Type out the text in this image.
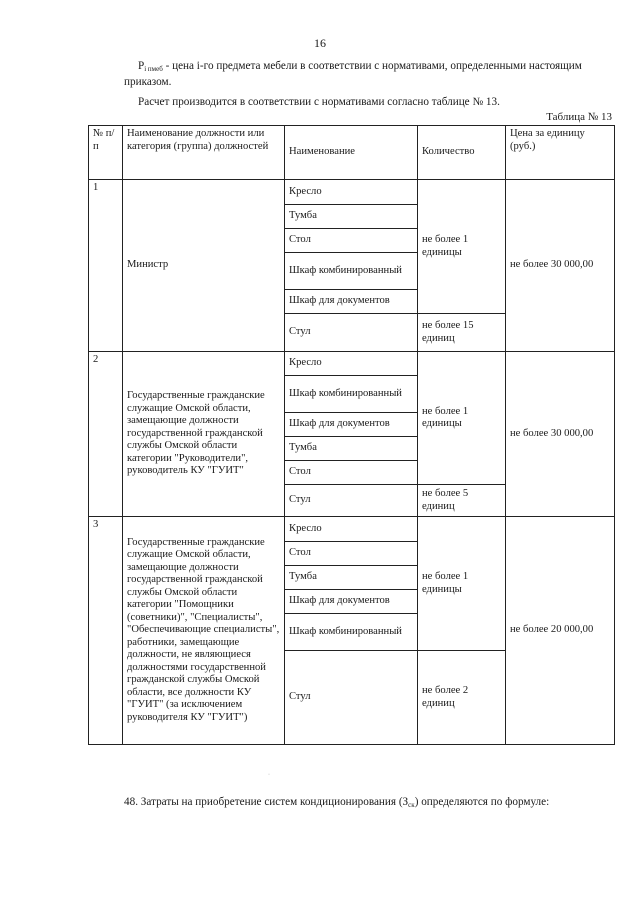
16
$P_{i пмеб}$ - цена i-го предмета мебели в соответствии с нормативами, определенными настоящим приказом.
Расчет производится в соответствии с нормативами согласно таблице № 13.
Таблица № 13
№ п/п	Наименование должности или категория (группа) должностей	Наименование	Количество	Цена за единицу (руб.)
1	Министр	Кресло	не более 1 единицы	не более 30 000,00
		Тумба		
		Стол		
		Шкаф комбинированный		
		Шкаф для документов		
		Стул	не более 15 единиц	
2	Государственные гражданские служащие Омской области, замещающие должности государственной гражданской службы Омской области категории "Руководители", руководитель КУ "ГУИТ"	Кресло	не более 1 единицы	не более 30 000,00
		Шкаф комбинированный		
		Шкаф для документов		
		Тумба		
		Стол		
		Стул	не более 5 единиц	
3	Государственные гражданские служащие Омской области, замещающие должности государственной гражданской службы Омской области категории "Помощники (советники)", "Специалисты", "Обеспечивающие специалисты", работники, замещающие должности, не являющиеся должностями государственной гражданской службы Омской области, все должности КУ "ГУИТ" (за исключением руководителя КУ "ГУИТ")	Кресло	не более 1 единицы	не более 20 000,00
		Стол		
		Тумба		
		Шкаф для документов		
		Шкаф комбинированный		
		Стул	не более 2 единиц	
48. Затраты на приобретение систем кондиционирования $(З_{ск})$ определяются по формуле:
·
